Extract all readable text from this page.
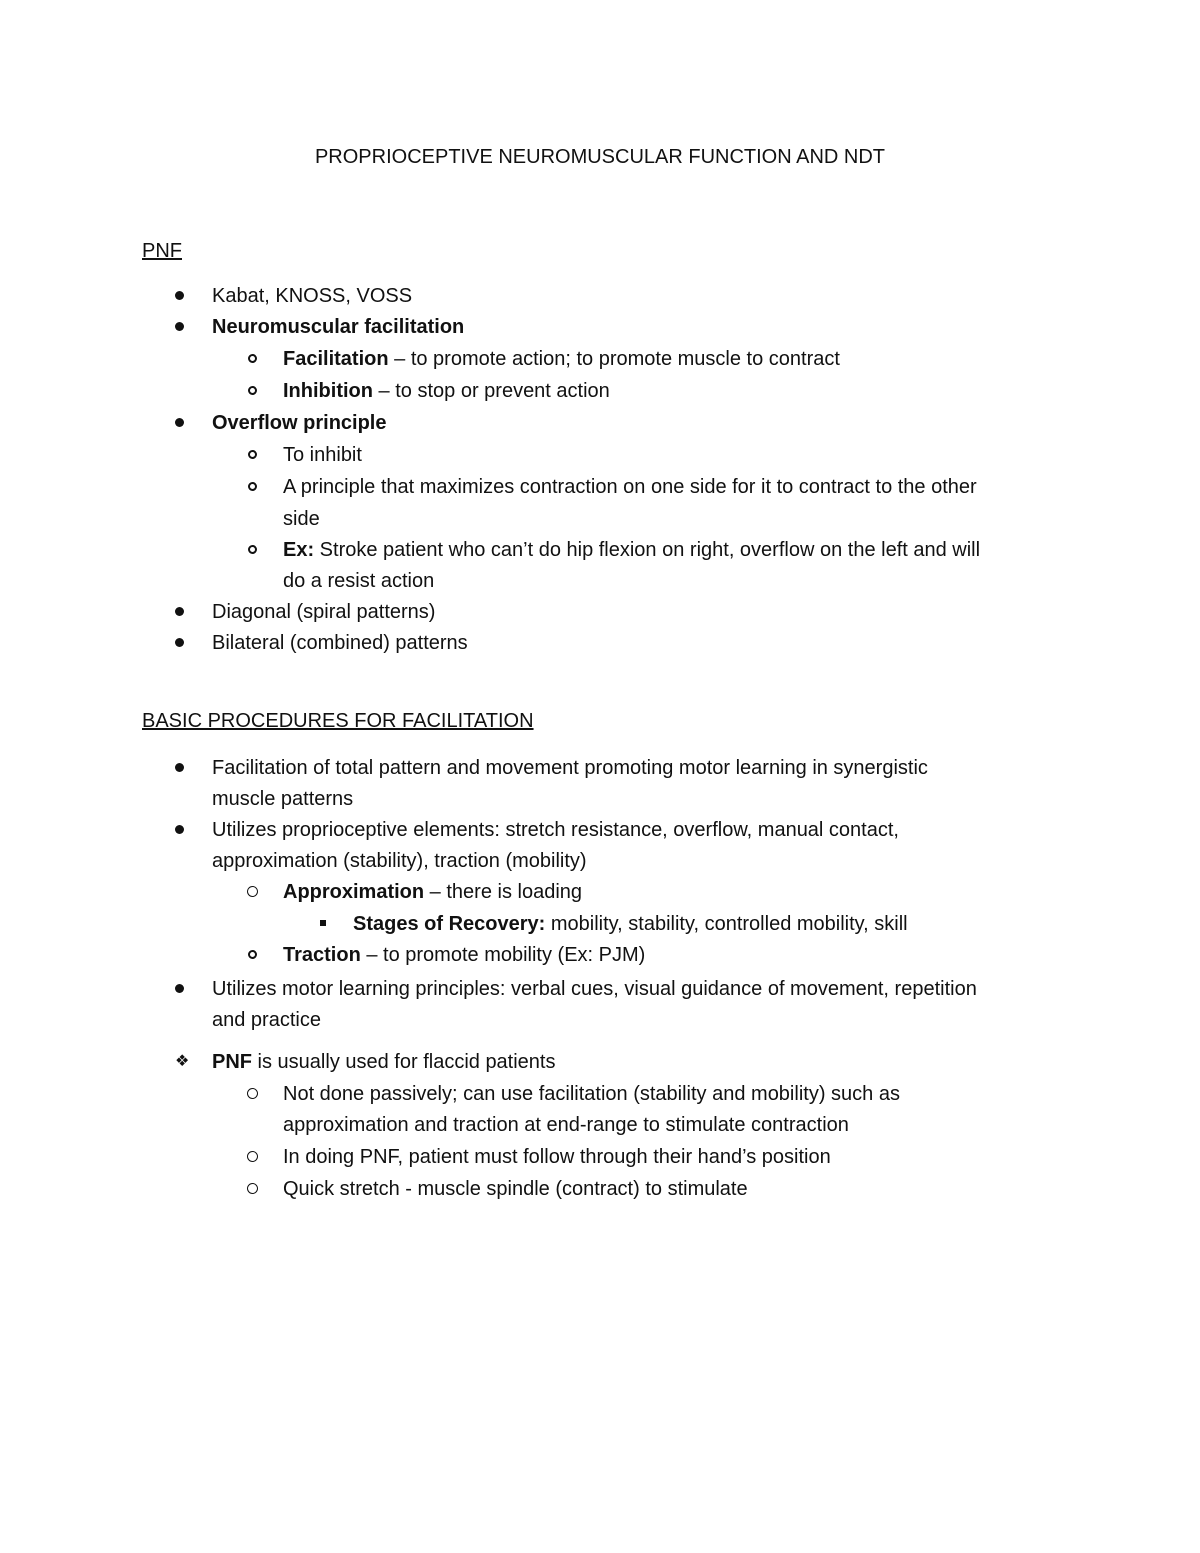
PROPRIOCEPTIVE NEUROMUSCULAR FUNCTION AND NDT
PNF
Kabat, KNOSS, VOSS
Neuromuscular facilitation
Facilitation – to promote action; to promote muscle to contract
Inhibition – to stop or prevent action
Overflow principle
To inhibit
A principle that maximizes contraction on one side for it to contract to the other
side
Ex: Stroke patient who can’t do hip flexion on right, overflow on the left and will
do a resist action
Diagonal (spiral patterns)
Bilateral (combined) patterns
BASIC PROCEDURES FOR FACILITATION
Facilitation of total pattern and movement promoting motor learning in synergistic
muscle patterns
Utilizes proprioceptive elements: stretch resistance, overflow, manual contact,
approximation (stability), traction (mobility)
Approximation – there is loading
Stages of Recovery: mobility, stability, controlled mobility, skill
Traction – to promote mobility (Ex: PJM)
Utilizes motor learning principles: verbal cues, visual guidance of movement, repetition
and practice
❖ PNF is usually used for flaccid patients
Not done passively; can use facilitation (stability and mobility) such as
approximation and traction at end-range to stimulate contraction
In doing PNF, patient must follow through their hand’s position
Quick stretch - muscle spindle (contract) to stimulate
